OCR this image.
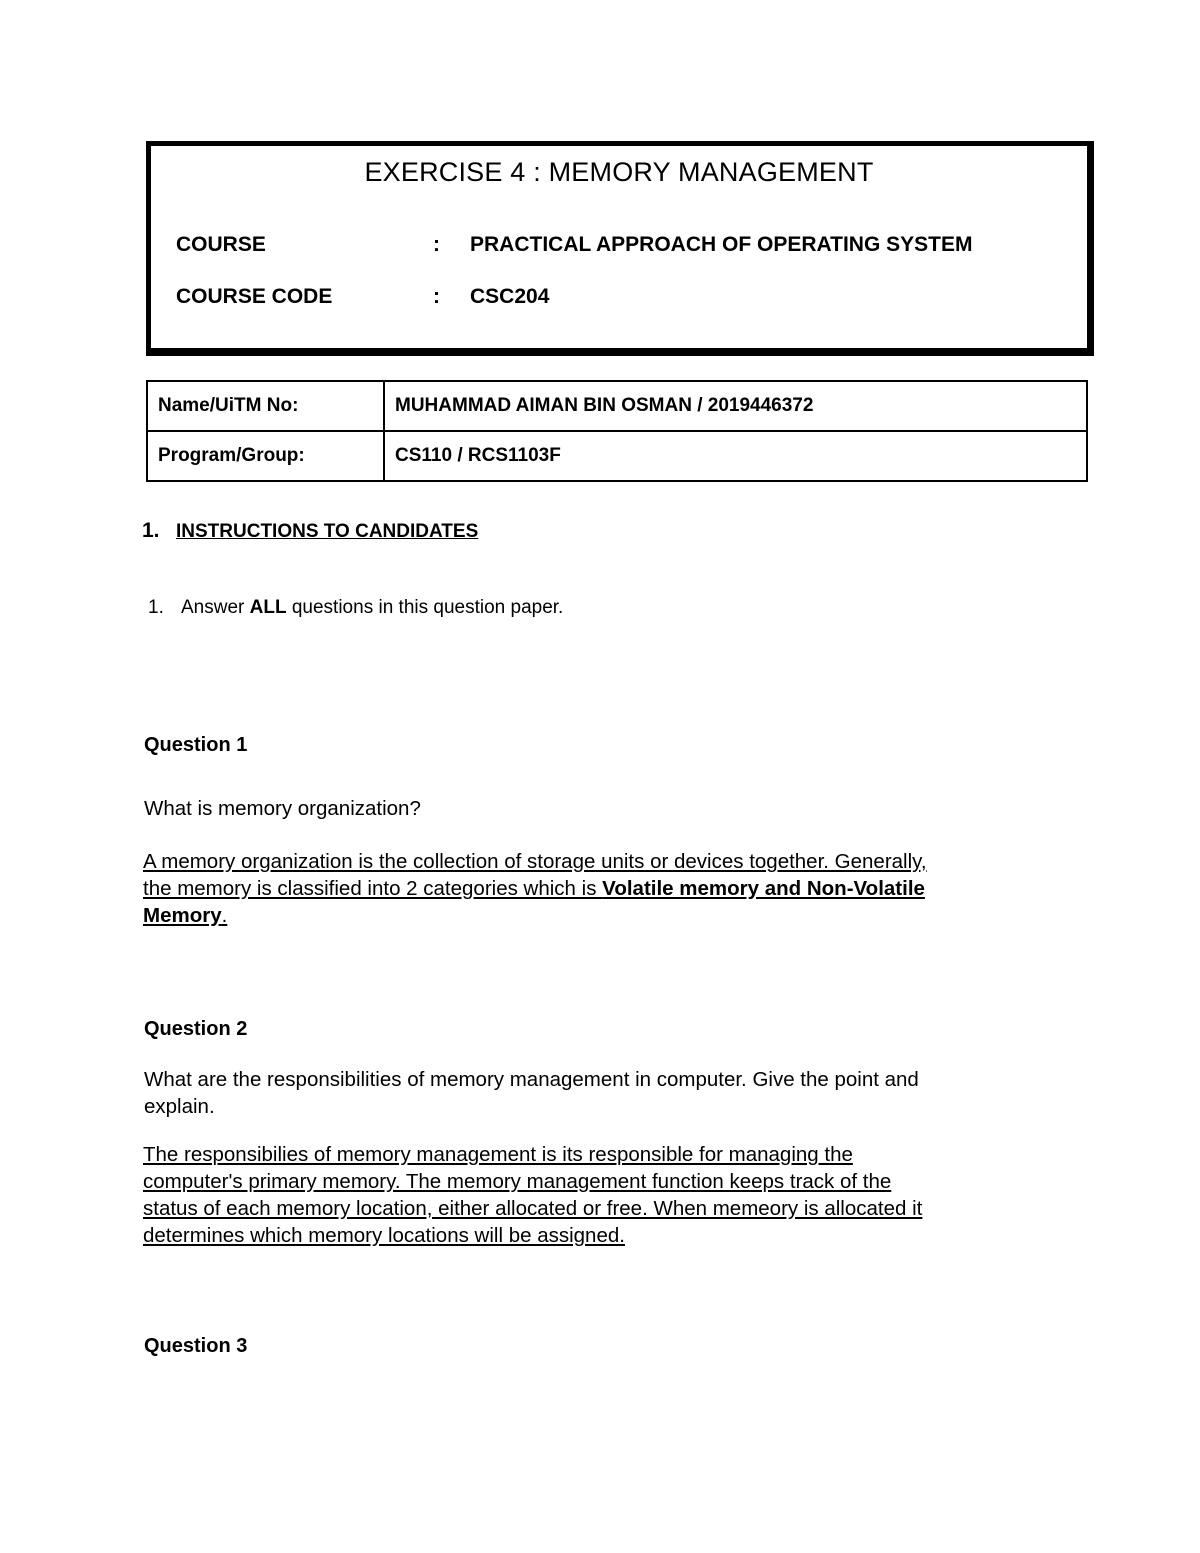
EXERCISE 4 : MEMORY MANAGEMENT
COURSE	: PRACTICAL APPROACH OF OPERATING SYSTEM
COURSE CODE	: CSC204
Name/UiTM No:	MUHAMMAD AIMAN BIN OSMAN / 2019446372
Program/Group:	CS110 / RCS1103F
1. INSTRUCTIONS TO CANDIDATES
1. Answer ALL questions in this question paper.
Question 1
What is memory organization?
A memory organization is the collection of storage units or devices together. Generally,
the memory is classified into 2 categories which is Volatile memory and Non-Volatile
Memory.
Question 2
What are the responsibilities of memory management in computer. Give the point and
explain.
The responsibilies of memory management is its responsible for managing the
computer's primary memory. The memory management function keeps track of the
status of each memory location, either allocated or free. When memeory is allocated it
determines which memory locations will be assigned.
Question 3
